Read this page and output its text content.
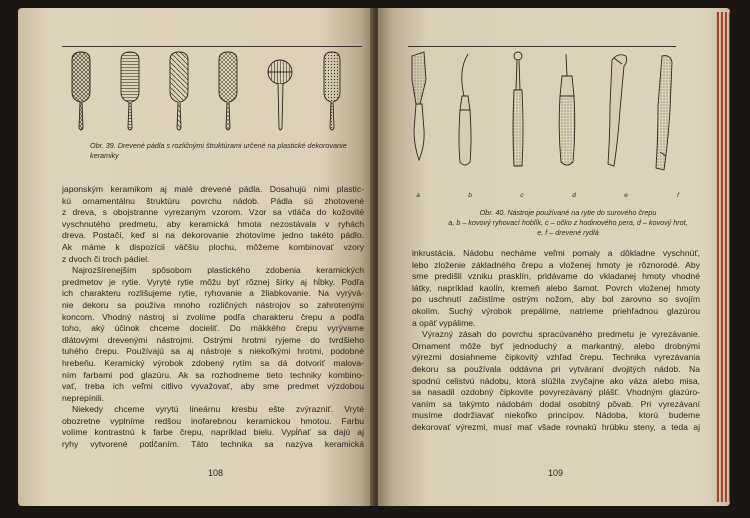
Obr. 39. Drevené pádla s rozličnými štruktúrami určené na plastické dekorovanie keramiky
japonským keramikom aj malé drevené pádla. Dosahujú nimi plastic-
kú ornamentálnu štruktúru povrchu nádob. Pádla sú zhotovené
z dreva, s obojstranne vyrezaným vzorom. Vzor sa vtláča do kožovité
vyschnutého predmetu, aby keramická hmota nezostávala v ryhách
dreva. Postačí, keď si na dekorovanie zhotovíme jedno takéto pádlo.
Ak máme k dispozícii väčšiu plochu, môžeme kombinovať vzory
z dvoch či troch pádiel.
Najrozšírenejším spôsobom plastického zdobenia keramických
predmetov je rytie. Vyryté rytie môžu byť rôznej šírky aj hĺbky. Podľa
ich charakteru rozlišujeme rytie, ryhovanie a žliabkovanie. Na vyrývá-
nie dekoru sa používa mnoho rozličných nástrojov so zahrotenými
koncom. Vhodný nástroj si zvolíme podľa charakteru črepu a podľa
toho, aký účinok chceme docieliť. Do mäkkého črepu vyrývame
dlátovými drevenými nástrojmi. Ostrými hrotmi ryjeme do tvrdšieho
tuhého črepu. Používajú sa aj nástroje s niekoľkými hrotmi, podobné
hrebeňu. Keramický výrobok zdobený rytím sa dá dotvoriť malova-
ním farbami pod glazúru. Ak sa rozhodneme tieto techniky kombino-
vať, treba ich veľmi citlivo vyvažovať, aby sme predmet výzdobou
neprepínili.
Niekedy chceme vyrytú lineárnu kresbu ešte zvýrazniť. Vryté
obozretne vyplníme redšou inofarebnou keramickou hmotou. Farbu
volíme kontrastnú k farbe črepu, napríklad bielu. Vypĺňať sa dajú aj
ryhy vytvorené potĺčaním. Táto technika sa nazýva keramická
108
a	b	c	d	e	f
Obr. 40. Nástroje používané na rytie do surového črepu
a, b – kovový ryhovací hoblík, c – očko z hodinového pera, d – kovový hrot,
e, f – drevené rydlá
inkrustácia. Nádobu necháme veľmi pomaly a dôkladne vyschnúť,
lebo zloženie základného črepu a vloženej hmoty je rôznorodé. Aby
sme predišli vzniku prasklín, pridávame do vkladanej hmoty vhodné
látky, napríklad kaolín, kremeň alebo šamot. Povrch vloženej hmoty
po uschnutí začistíme ostrým nožom, aby bol zarovno so svojím
okolím. Suchý výrobok prepálime, natrieme priehľadnou glazúrou
a opäť vypálime.
Výrazný zásah do povrchu spracúvaného predmetu je vyrezávanie.
Ornament môže byť jednoduchý a markantný, alebo drobnými
výrezmi dosiahneme čipkovitý vzhľad črepu. Technika vyrezávania
dekoru sa používala oddávna pri vytváraní dvojitých nádob. Na
spodnú celistvú nádobu, ktorá slúžila zvyčajne ako váza alebo misa,
sa nasadil ozdobný čipkovite povyrezávaný plášť. Vhodným glazúro-
vaním sa takýmto nádobám dodal osobitný pôvab. Pri vyrezávaní
musíme dodržiavať niekoľko princípov. Nádoba, ktorú budeme
dekorovať výrezmi, musí mať všade rovnakú hrúbku steny, a teda aj
109
